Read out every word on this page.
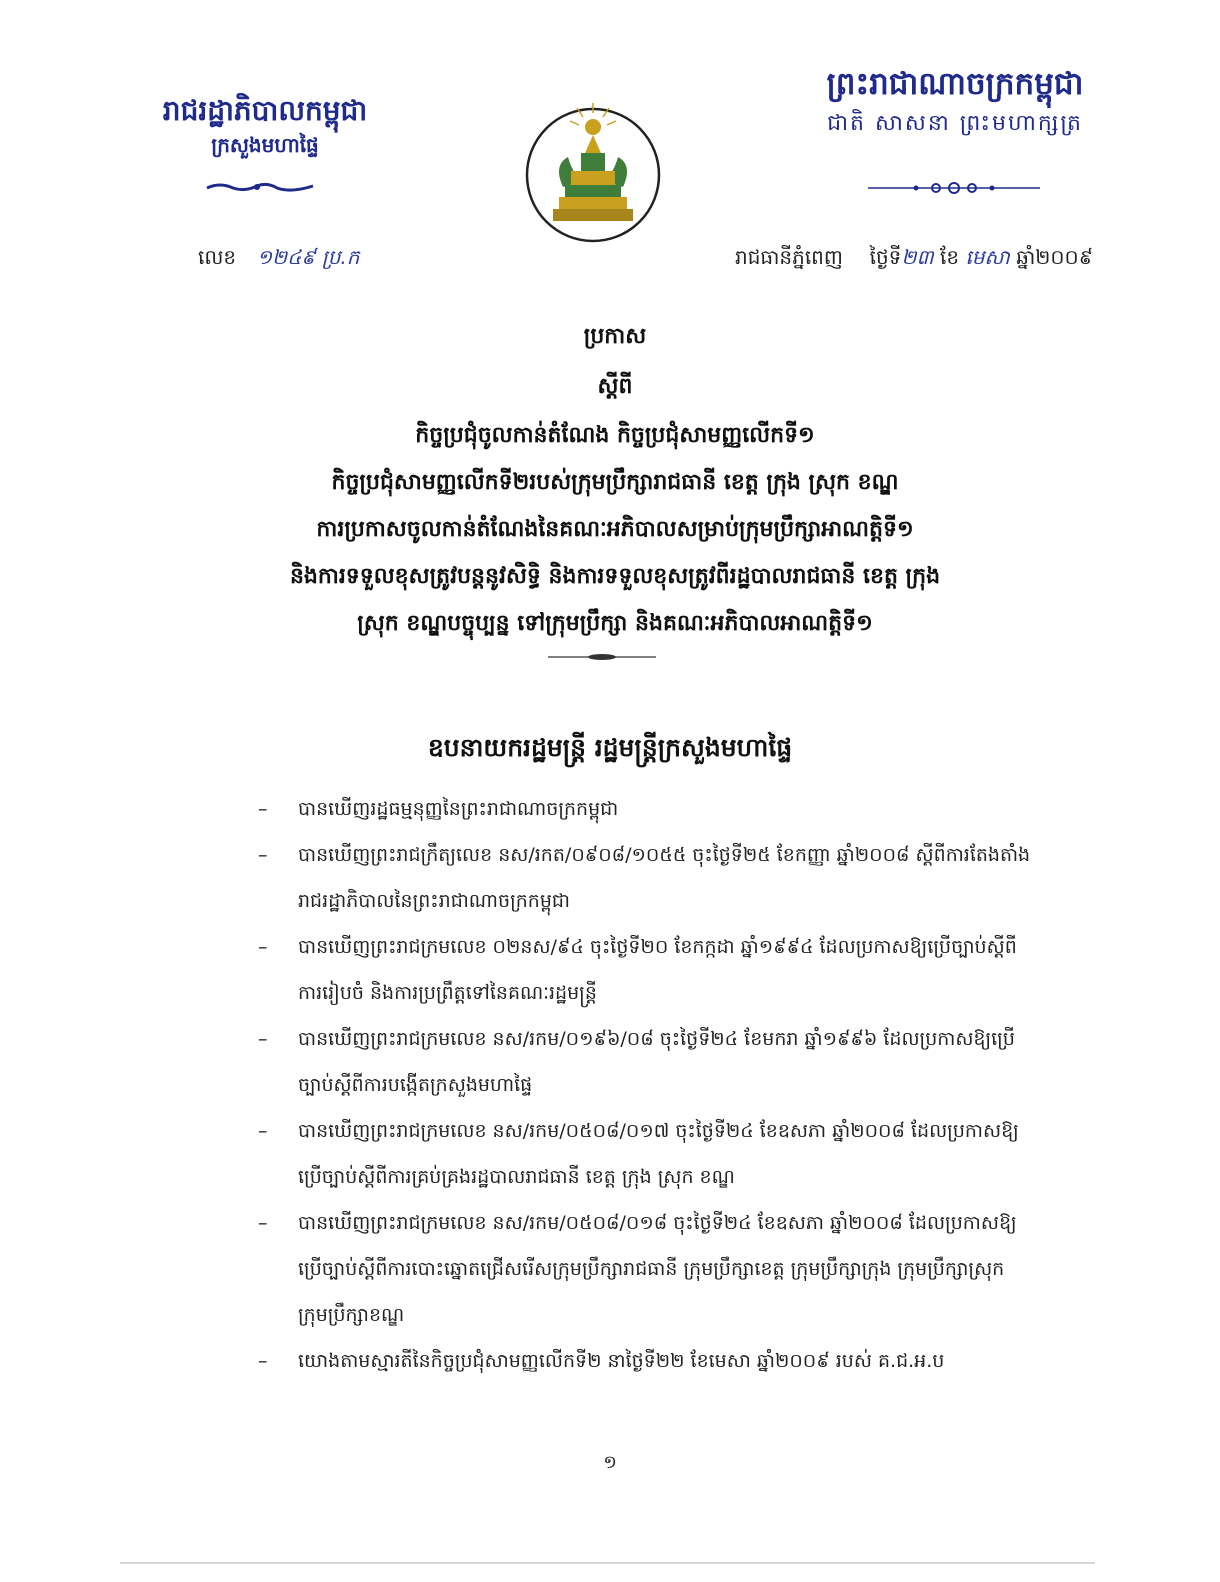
រាជរដ្ឋាភិបាលកម្ពុជា
ក្រសួងមហាផ្ទៃ
ព្រះរាជាណាចក្រកម្ពុជា
ជាតិ សាសនា ព្រះមហាក្សត្រ
លេខ ១២៤៩ ប្រ.ក	រាជធានីភ្នំពេញ ថ្ងៃទី២៣ ខែ មេសា ឆ្នាំ២០០៩
ប្រកាស
ស្តីពី
កិច្ចប្រជុំចូលកាន់តំណែង កិច្ចប្រជុំសាមញ្ញលើកទី១
កិច្ចប្រជុំសាមញ្ញលើកទី២របស់ក្រុមប្រឹក្សារាជធានី ខេត្ត ក្រុង ស្រុក ខណ្ឌ
ការប្រកាសចូលកាន់តំណែងនៃគណៈអភិបាលសម្រាប់ក្រុមប្រឹក្សាអាណត្តិទី១
និងការទទួលខុសត្រូវបន្តនូវសិទ្ធិ និងការទទួលខុសត្រូវពីរដ្ឋបាលរាជធានី ខេត្ត ក្រុង
ស្រុក ខណ្ឌបច្ចុប្បន្ន ទៅក្រុមប្រឹក្សា និងគណៈអភិបាលអាណត្តិទី១
ឧបនាយករដ្ឋមន្ត្រី រដ្ឋមន្ត្រីក្រសួងមហាផ្ទៃ
– បានឃើញរដ្ឋធម្មនុញ្ញនៃព្រះរាជាណាចក្រកម្ពុជា
– បានឃើញព្រះរាជក្រឹត្យលេខ នស/រកត/០៩០៨/១០៥៥ ចុះថ្ងៃទី២៥ ខែកញ្ញា ឆ្នាំ២០០៨ ស្តីពីការតែងតាំង
រាជរដ្ឋាភិបាលនៃព្រះរាជាណាចក្រកម្ពុជា
– បានឃើញព្រះរាជក្រមលេខ ០២នស/៩៤ ចុះថ្ងៃទី២០ ខែកក្កដា ឆ្នាំ១៩៩៤ ដែលប្រកាសឱ្យប្រើច្បាប់ស្តីពី
ការរៀបចំ និងការប្រព្រឹត្តទៅនៃគណៈរដ្ឋមន្ត្រី
– បានឃើញព្រះរាជក្រមលេខ នស/រកម/០១៩៦/០៨ ចុះថ្ងៃទី២៤ ខែមករា ឆ្នាំ១៩៩៦ ដែលប្រកាសឱ្យប្រើ
ច្បាប់ស្តីពីការបង្កើតក្រសួងមហាផ្ទៃ
– បានឃើញព្រះរាជក្រមលេខ នស/រកម/០៥០៨/០១៧ ចុះថ្ងៃទី២៤ ខែឧសភា ឆ្នាំ២០០៨ ដែលប្រកាសឱ្យ
ប្រើច្បាប់ស្តីពីការគ្រប់គ្រងរដ្ឋបាលរាជធានី ខេត្ត ក្រុង ស្រុក ខណ្ឌ
– បានឃើញព្រះរាជក្រមលេខ នស/រកម/០៥០៨/០១៨ ចុះថ្ងៃទី២៤ ខែឧសភា ឆ្នាំ២០០៨ ដែលប្រកាសឱ្យ
ប្រើច្បាប់ស្តីពីការបោះឆ្នោតជ្រើសរើសក្រុមប្រឹក្សារាជធានី ក្រុមប្រឹក្សាខេត្ត ក្រុមប្រឹក្សាក្រុង ក្រុមប្រឹក្សាស្រុក
ក្រុមប្រឹក្សាខណ្ឌ
– យោងតាមស្មារតីនៃកិច្ចប្រជុំសាមញ្ញលើកទី២ នាថ្ងៃទី២២ ខែមេសា ឆ្នាំ២០០៩ របស់ គ.ជ.អ.ប
១
